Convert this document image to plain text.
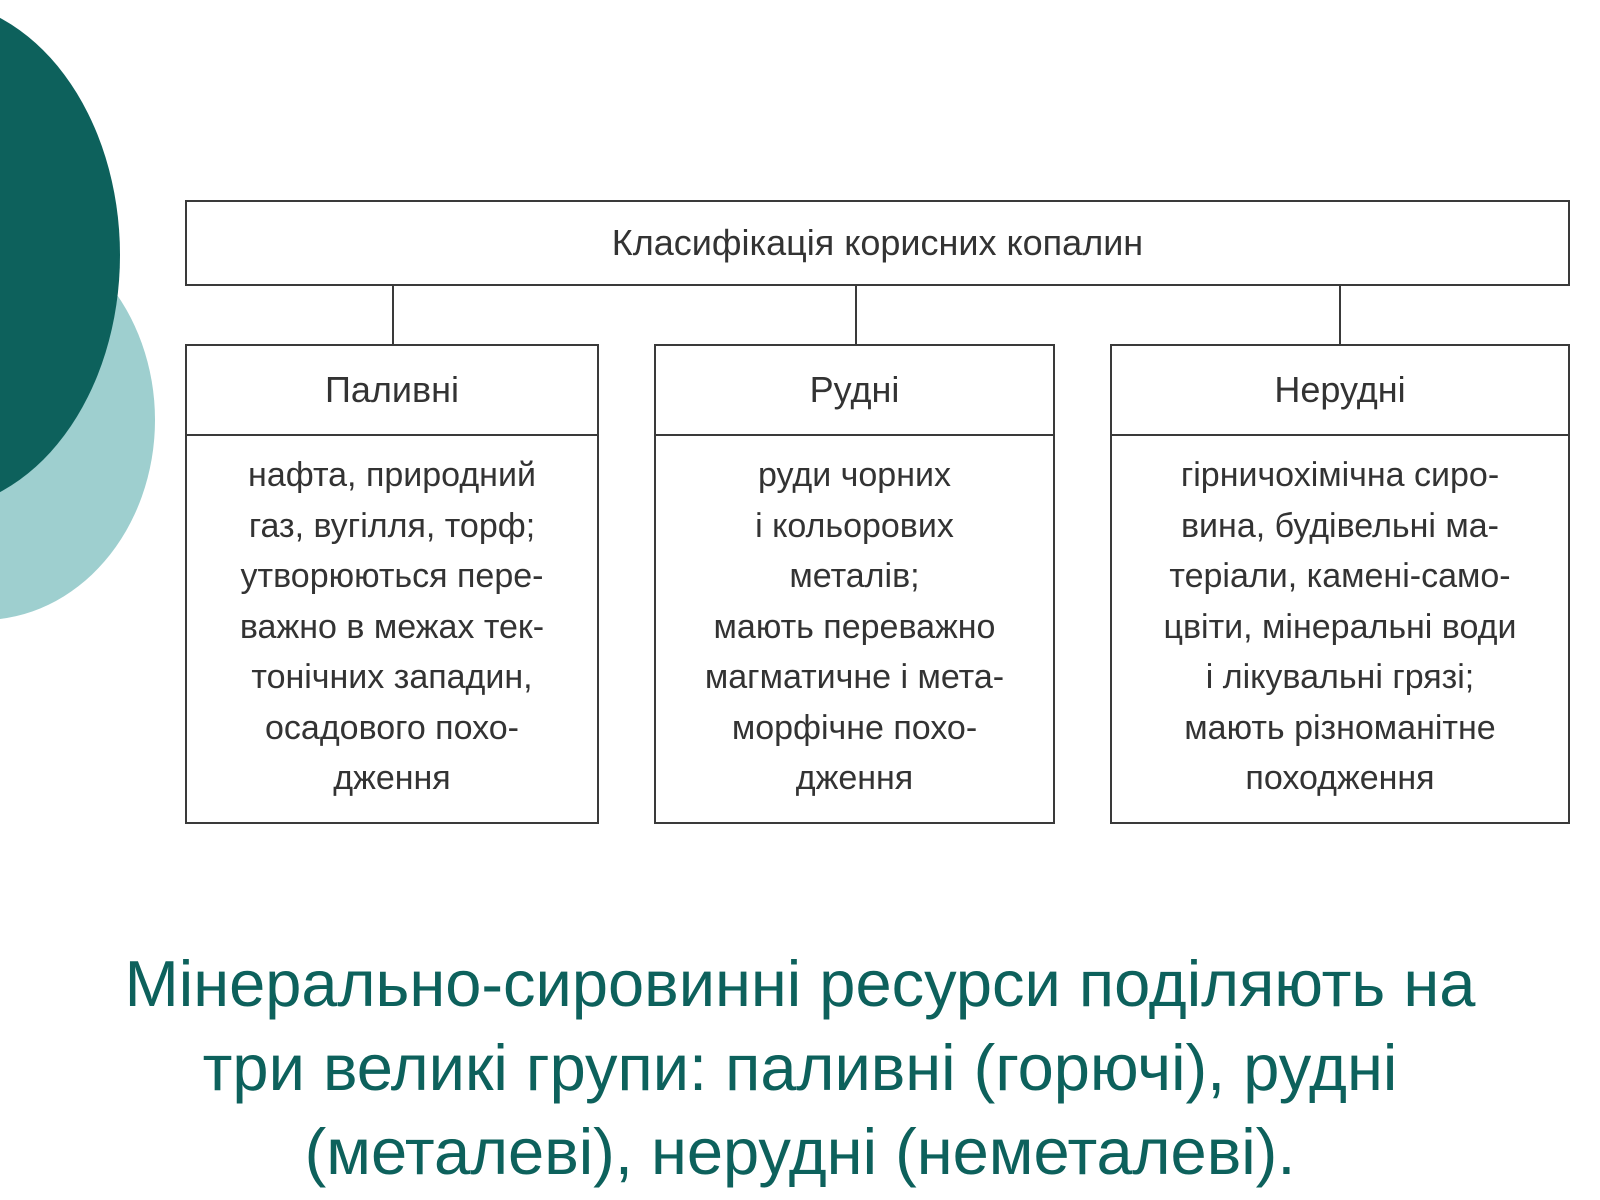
Класифікація корисних копалин
Паливні
нафта, природний
газ, вугілля, торф;
утворюються пере-
важно в межах тек-
тонічних западин,
осадового похо-
дження
Рудні
руди чорних
і кольорових
металів;
мають переважно
магматичне і мета-
морфічне похо-
дження
Нерудні
гірничохімічна сиро-
вина, будівельні ма-
теріали, камені-само-
цвіти, мінеральні води
і лікувальні грязі;
мають різноманітне
походження
Мінерально-сировинні ресурси поділяють на
три великі групи: паливні (горючі), рудні
(металеві), нерудні (неметалеві).
